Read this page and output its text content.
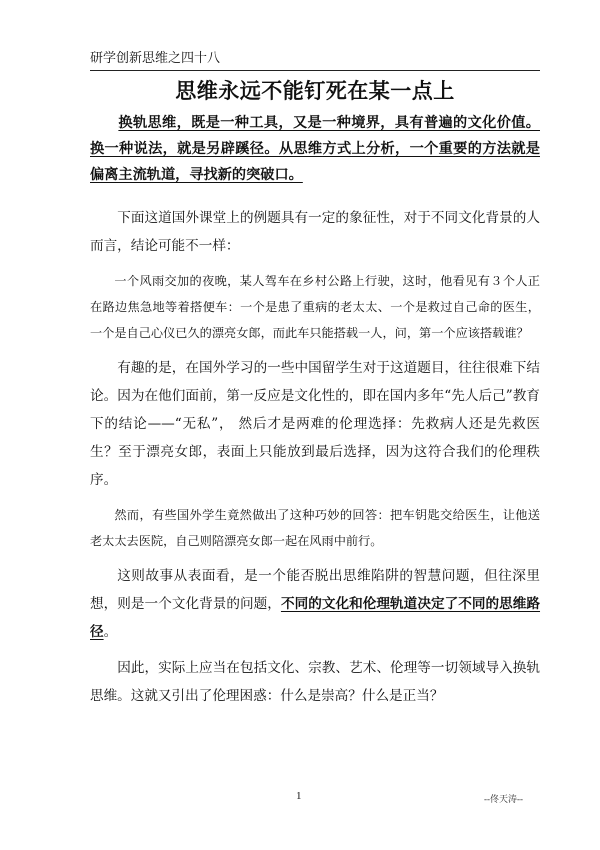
研学创新思维之四十八
思维永远不能钉死在某一点上

换轨思维，既是一种工具，又是一种境界，具有普遍的文化价值。换一种说法，就是另辟蹊径。从思维方式上分析，一个重要的方法就是偏离主流轨道，寻找新的突破口。

下面这道国外课堂上的例题具有一定的象征性，对于不同文化背景的人而言，结论可能不一样：

一个风雨交加的夜晚，某人驾车在乡村公路上行驶，这时，他看见有３个人正在路边焦急地等着搭便车：一个是患了重病的老太太、一个是救过自己命的医生，一个是自己心仪已久的漂亮女郎，而此车只能搭载一人，问，第一个应该搭载谁？

有趣的是，在国外学习的一些中国留学生对于这道题目，往往很难下结论。因为在他们面前，第一反应是文化性的，即在国内多年“先人后己”教育下的结论——“无私”， 然后才是两难的伦理选择：先救病人还是先救医生？至于漂亮女郎，表面上只能放到最后选择，因为这符合我们的伦理秩序。

然而，有些国外学生竟然做出了这种巧妙的回答：把车钥匙交给医生，让他送老太太去医院，自己则陪漂亮女郎一起在风雨中前行。

这则故事从表面看，是一个能否脱出思维陷阱的智慧问题，但往深里想，则是一个文化背景的问题，不同的文化和伦理轨道决定了不同的思维路径。

因此，实际上应当在包括文化、宗教、艺术、伦理等一切领域导入换轨思维。这就又引出了伦理困惑：什么是崇高？什么是正当？

1	--佟天涛--
